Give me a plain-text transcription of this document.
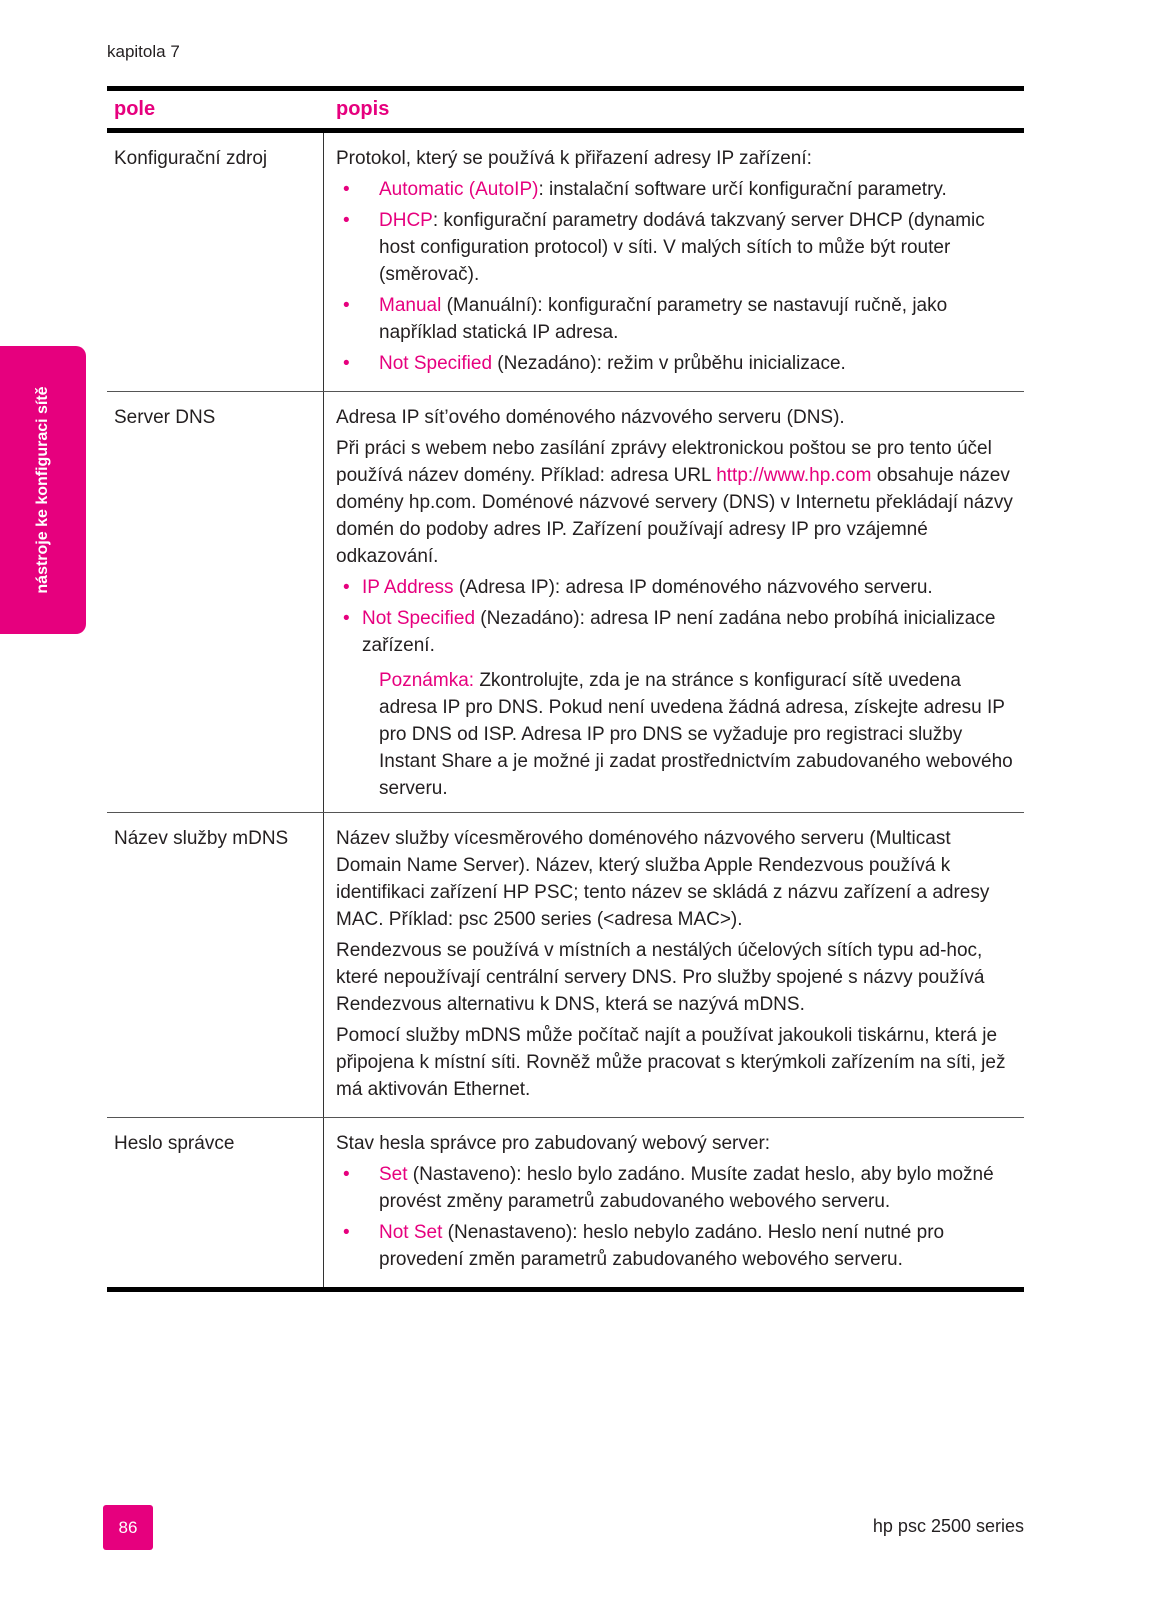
kapitola 7
nástroje ke konfiguraci sítě
pole	popis
Konfigurační zdroj	Protokol, který se používá k přiřazení adresy IP zařízení:
•	Automatic (AutoIP): instalační software určí konfigurační parametry.
•	DHCP: konfigurační parametry dodává takzvaný server DHCP (dynamic host configuration protocol) v síti. V malých sítích to může být router (směrovač).
•	Manual (Manuální): konfigurační parametry se nastavují ručně, jako například statická IP adresa.
•	Not Specified (Nezadáno): režim v průběhu inicializace.
Server DNS	Adresa IP sít’ového doménového názvového serveru (DNS).
Při práci s webem nebo zasílání zprávy elektronickou poštou se pro tento účel používá název domény. Příklad: adresa URL http://www.hp.com obsahuje název domény hp.com. Doménové názvové servery (DNS) v Internetu překládají názvy domén do podoby adres IP. Zařízení používají adresy IP pro vzájemné odkazování.
• IP Address (Adresa IP): adresa IP doménového názvového serveru.
• Not Specified (Nezadáno): adresa IP není zadána nebo probíhá inicializace zařízení.
Poznámka: Zkontrolujte, zda je na stránce s konfigurací sítě uvedena adresa IP pro DNS. Pokud není uvedena žádná adresa, získejte adresu IP pro DNS od ISP. Adresa IP pro DNS se vyžaduje pro registraci služby Instant Share a je možné ji zadat prostřednictvím zabudovaného webového serveru.
Název služby mDNS	Název služby vícesměrového doménového názvového serveru (Multicast Domain Name Server). Název, který služba Apple Rendezvous používá k identifikaci zařízení HP PSC; tento název se skládá z názvu zařízení a adresy MAC. Příklad: psc 2500 series (<adresa MAC>).
Rendezvous se používá v místních a nestálých účelových sítích typu ad-hoc, které nepoužívají centrální servery DNS. Pro služby spojené s názvy používá Rendezvous alternativu k DNS, která se nazývá mDNS.
Pomocí služby mDNS může počítač najít a používat jakoukoli tiskárnu, která je připojena k místní síti. Rovněž může pracovat s kterýmkoli zařízením na síti, jež má aktivován Ethernet.
Heslo správce	Stav hesla správce pro zabudovaný webový server:
•	Set (Nastaveno): heslo bylo zadáno. Musíte zadat heslo, aby bylo možné provést změny parametrů zabudovaného webového serveru.
•	Not Set (Nenastaveno): heslo nebylo zadáno. Heslo není nutné pro provedení změn parametrů zabudovaného webového serveru.
86	hp psc 2500 series
